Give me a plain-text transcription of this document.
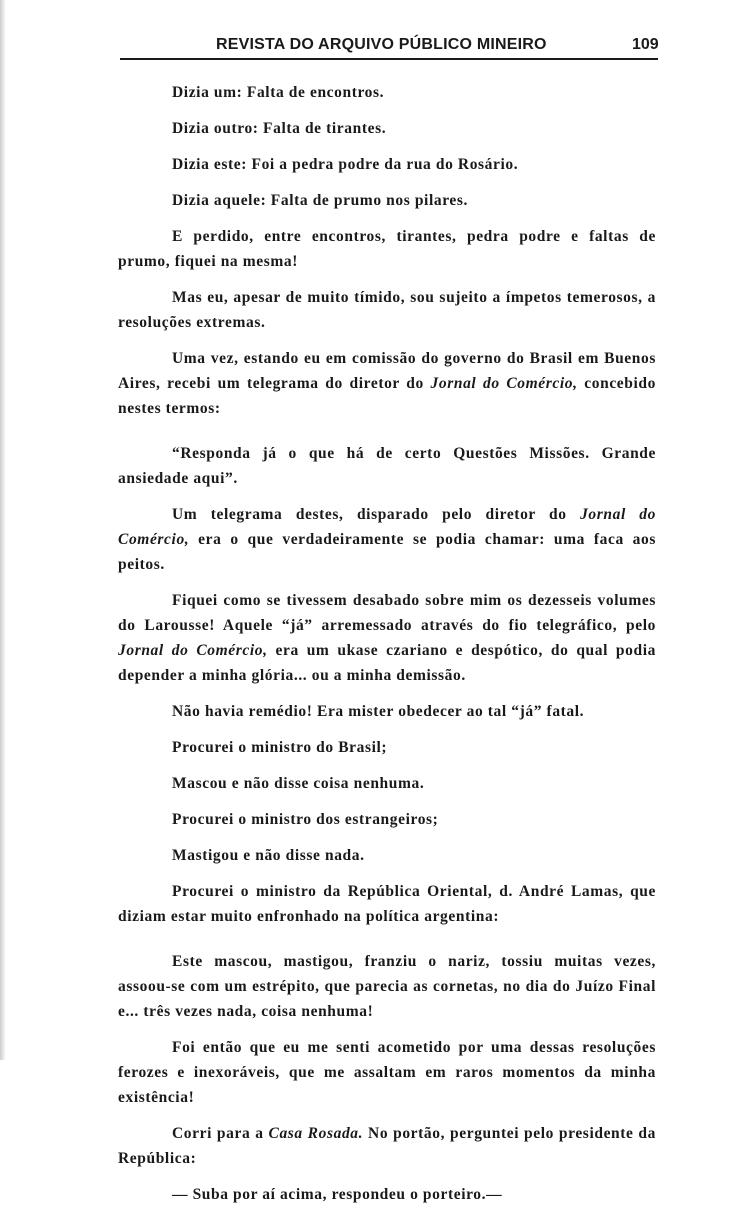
REVISTA DO ARQUIVO PÚBLICO MINEIRO	109

Dizia um: Falta de encontros.

Dizia outro: Falta de tirantes.

Dizia este: Foi a pedra podre da rua do Rosário.

Dizia aquele: Falta de prumo nos pilares.

E perdido, entre encontros, tirantes, pedra podre e faltas de prumo, fiquei na mesma!

Mas eu, apesar de muito tímido, sou sujeito a ímpetos temerosos, a resoluções extremas.

Uma vez, estando eu em comissão do governo do Brasil em Buenos Aires, recebi um telegrama do diretor do Jornal do Comércio, concebido nestes termos:

“Responda já o que há de certo Questões Missões. Grande ansiedade aqui”.

Um telegrama destes, disparado pelo diretor do Jornal do Comércio, era o que verdadeiramente se podia chamar: uma faca aos peitos.

Fiquei como se tivessem desabado sobre mim os dezesseis volumes do Larousse! Aquele “já” arremessado através do fio telegráfico, pelo Jornal do Comércio, era um ukase czariano e despótico, do qual podia depender a minha glória... ou a minha demissão.

Não havia remédio! Era mister obedecer ao tal “já” fatal.

Procurei o ministro do Brasil;

Mascou e não disse coisa nenhuma.

Procurei o ministro dos estrangeiros;

Mastigou e não disse nada.

Procurei o ministro da República Oriental, d. André Lamas, que diziam estar muito enfronhado na política argentina:

Este mascou, mastigou, franziu o nariz, tossiu muitas vezes, assoou-se com um estrépito, que parecia as cornetas, no dia do Juízo Final e... três vezes nada, coisa nenhuma!

Foi então que eu me senti acometido por uma dessas resoluções ferozes e inexoráveis, que me assaltam em raros momentos da minha existência!

Corri para a Casa Rosada. No portão, perguntei pelo presidente da República:

— Suba por aí acima, respondeu o porteiro.—
